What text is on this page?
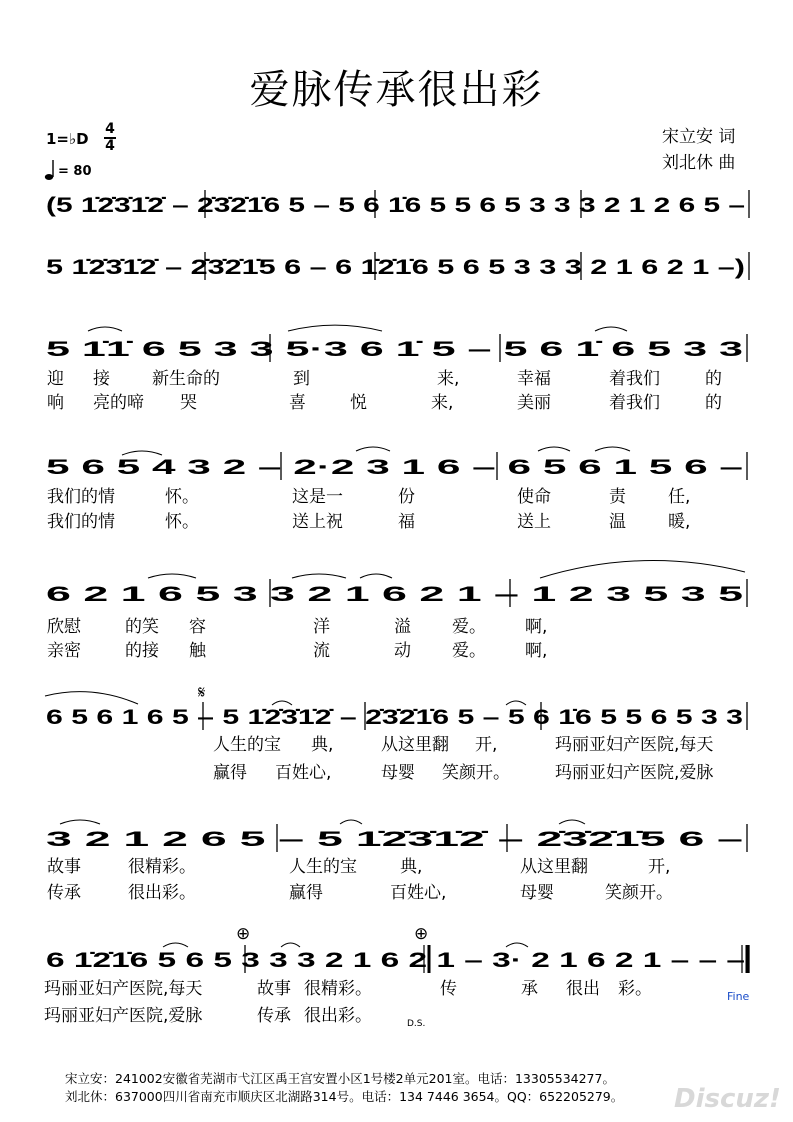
爱脉传承很出彩
1=♭D
4
4
= 80
宋立安 词
刘北休 曲
(5 1̇2̇3̇1̇2̇ – 2̇3̇2̇1̇6 5 – 5 6 1̇6 5 5 6 5 3 3 3 2 1 2 6 5 –
5 1̇2̇3̇1̇2̇ – 2̇3̇2̇1̇5 6 – 6 1̇2̇1̇6 5 6 5 3 3 3 2 1 6 2 1 –)
5 1̇1̇ 6 5 3 3 5·3 6 1̇ 5 – 5 6 1̇ 6 5 3 3
迎 接 新生命的	到	来,	幸福	着我们	的
响 亮的啼 哭	喜	悦	来,	美丽	着我们	的
5 6 5 4 3 2 – 2·2 3 1 6 – 6 5 6 1 5 6 –
我们的情	怀。	这是一	份	使命	责 任,
我们的情	怀。	送上祝	福	送上	温 暖,
6 2 1 6 5 3 3 2 1 6 2 1 – 1 2 3 5 3 5
欣慰	的笑 容	洋	溢 爱。 啊,
亲密	的接 触	流	动 爱。 啊,
6 5 6 1 6 5 – 5 1̇2̇3̇1̇2̇ – 2̇3̇2̇1̇6 5 – 5 6 1̇6 5 5 6 5 3 3
人生的宝 典,	从这里翻 开,	玛丽亚妇产医院,每天
赢得 百姓心,	母婴 笑颜开。	玛丽亚妇产医院,爱脉
𝄋
3 2 1 2 6 5 – 5 1̇2̇3̇1̇2̇ – 2̇3̇2̇1̇5 6 –
故事	很精彩。	人生的宝	典,	从这里翻	开,
传承	很出彩。	赢得	百姓心,	母婴	笑颜开。
6 1̇2̇1̇6 5 6 5 3 3 3 2 1 6 2 1 – 3· 2 1 6 2 1 – – –
玛丽亚妇产医院,每天	故事 很精彩。	传	承 很出 彩。
玛丽亚妇产医院,爱脉	传承 很出彩。
⊕	⊕
Fine
D.S.
宋立安：241002安徽省芜湖市弋江区禹王宫安置小区1号楼2单元201室。电话：13305534277。
刘北休：637000四川省南充市顺庆区北湖路314号。电话：134 7446 3654。QQ：652205279。 Discuz!
